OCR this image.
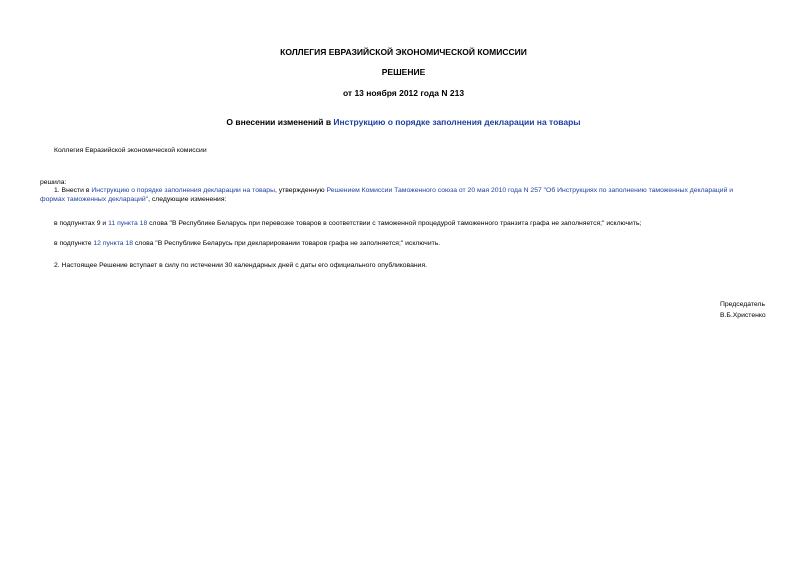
КОЛЛЕГИЯ ЕВРАЗИЙСКОЙ ЭКОНОМИЧЕСКОЙ КОМИССИИ
РЕШЕНИЕ
от 13 ноября 2012 года N 213
О внесении изменений в Инструкцию о порядке заполнения декларации на товары
Коллегия Евразийской экономической комиссии
решила:
1. Внести в Инструкцию о порядке заполнения декларации на товары, утвержденную Решением Комиссии Таможенного союза от 20 мая 2010 года N 257 "Об Инструкциях по заполнению таможенных деклараций и
формах таможенных деклараций", следующие изменения:
в подпунктах 9 и 11 пункта 18 слова "В Республике Беларусь при перевозке товаров в соответствии с таможенной процедурой таможенного транзита графа не заполняется;" исключить;
в подпункте 12 пункта 18 слова "В Республике Беларусь при декларировании товаров графа не заполняется;" исключить.
2. Настоящее Решение вступает в силу по истечении 30 календарных дней с даты его официального опубликования.
Председатель
В.Б.Христенко
